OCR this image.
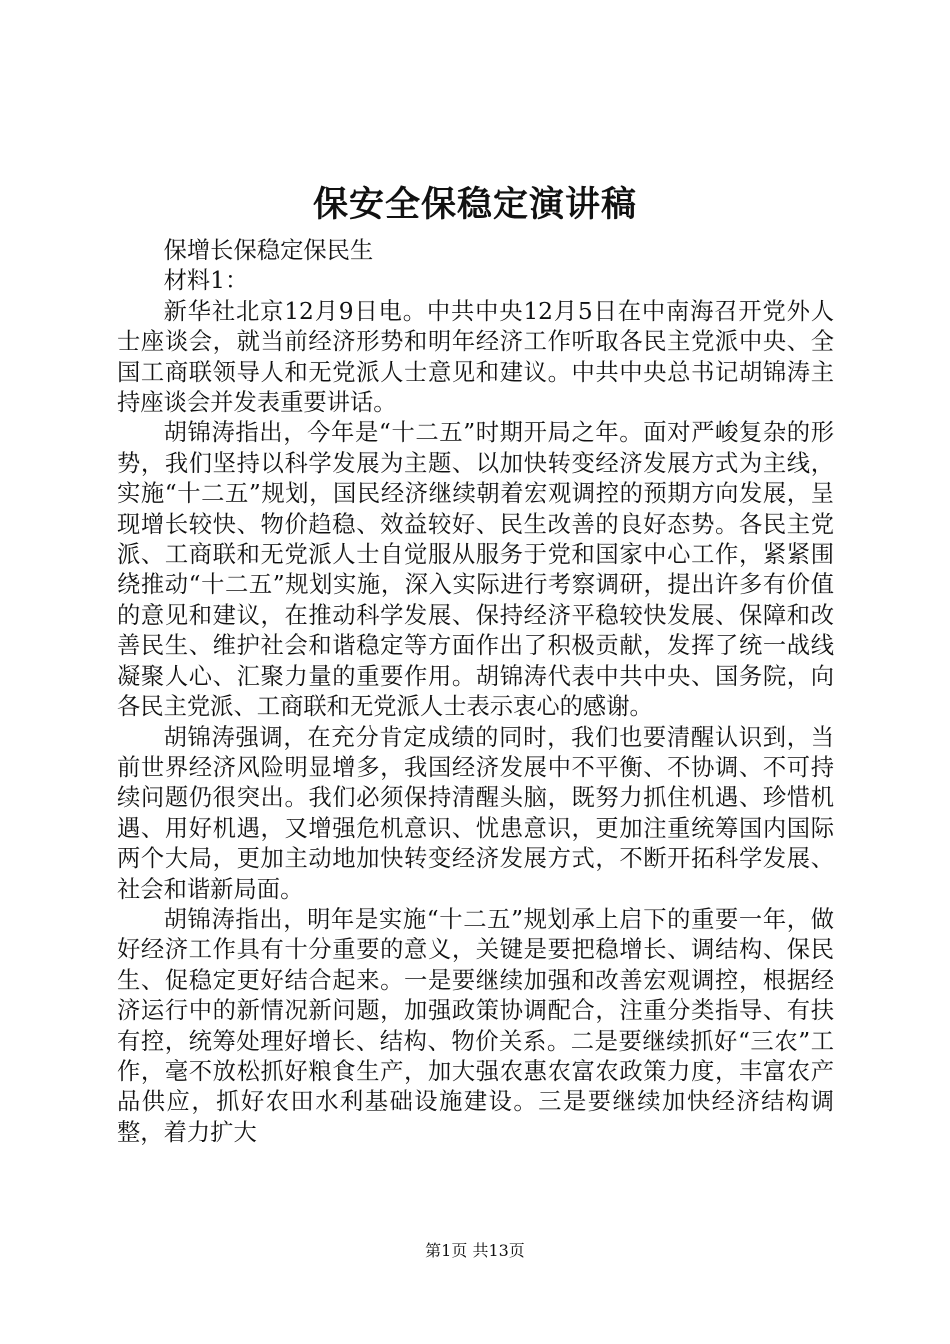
保安全保稳定演讲稿

保增长保稳定保民生

材料1：

新华社北京12月9日电。中共中央12月5日在中南海召开党外人士座谈会，就当前经济形势和明年经济工作听取各民主党派中央、全国工商联领导人和无党派人士意见和建议。中共中央总书记胡锦涛主持座谈会并发表重要讲话。

胡锦涛指出，今年是“十二五”时期开局之年。面对严峻复杂的形势，我们坚持以科学发展为主题、以加快转变经济发展方式为主线，实施“十二五”规划，国民经济继续朝着宏观调控的预期方向发展，呈现增长较快、物价趋稳、效益较好、民生改善的良好态势。各民主党派、工商联和无党派人士自觉服从服务于党和国家中心工作，紧紧围绕推动“十二五”规划实施，深入实际进行考察调研，提出许多有价值的意见和建议，在推动科学发展、保持经济平稳较快发展、保障和改善民生、维护社会和谐稳定等方面作出了积极贡献，发挥了统一战线凝聚人心、汇聚力量的重要作用。胡锦涛代表中共中央、国务院，向各民主党派、工商联和无党派人士表示衷心的感谢。

胡锦涛强调，在充分肯定成绩的同时，我们也要清醒认识到，当前世界经济风险明显增多，我国经济发展中不平衡、不协调、不可持续问题仍很突出。我们必须保持清醒头脑，既努力抓住机遇、珍惜机遇、用好机遇，又增强危机意识、忧患意识，更加注重统筹国内国际两个大局，更加主动地加快转变经济发展方式，不断开拓科学发展、社会和谐新局面。

胡锦涛指出，明年是实施“十二五”规划承上启下的重要一年，做好经济工作具有十分重要的意义，关键是要把稳增长、调结构、保民生、促稳定更好结合起来。一是要继续加强和改善宏观调控，根据经济运行中的新情况新问题，加强政策协调配合，注重分类指导、有扶有控，统筹处理好增长、结构、物价关系。二是要继续抓好“三农”工作，毫不放松抓好粮食生产，加大强农惠农富农政策力度，丰富农产品供应，抓好农田水利基础设施建设。三是要继续加快经济结构调整，着力扩大

第1页 共13页
